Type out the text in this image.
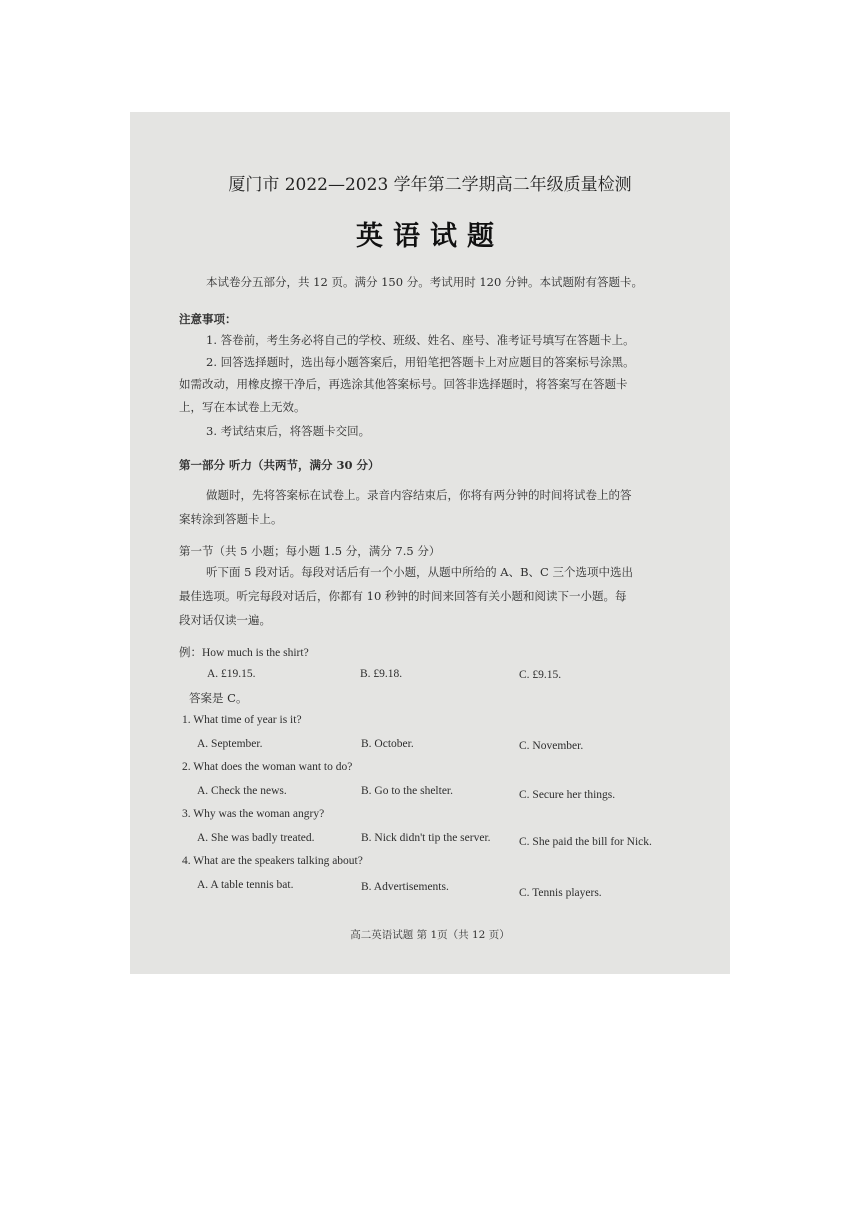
厦门市 2022—2023 学年第二学期高二年级质量检测
英语试题
本试卷分五部分，共 12 页。满分 150 分。考试用时 120 分钟。本试题附有答题卡。
注意事项：
1. 答卷前，考生务必将自己的学校、班级、姓名、座号、准考证号填写在答题卡上。
2. 回答选择题时，选出每小题答案后，用铅笔把答题卡上对应题目的答案标号涂黑。
如需改动，用橡皮擦干净后，再选涂其他答案标号。回答非选择题时，将答案写在答题卡
上，写在本试卷上无效。
3. 考试结束后，将答题卡交回。
第一部分 听力（共两节，满分 30 分）
做题时，先将答案标在试卷上。录音内容结束后，你将有两分钟的时间将试卷上的答
案转涂到答题卡上。
第一节（共 5 小题；每小题 1.5 分，满分 7.5 分）
听下面 5 段对话。每段对话后有一个小题，从题中所给的 A、B、C 三个选项中选出
最佳选项。听完每段对话后，你都有 10 秒钟的时间来回答有关小题和阅读下一小题。每
段对话仅读一遍。
例：How much is the shirt?
A. £19.15.	B. £9.18.	C. £9.15.
答案是 C。
1. What time of year is it?
A. September.	B. October.	C. November.
2. What does the woman want to do?
A. Check the news.	B. Go to the shelter.	C. Secure her things.
3. Why was the woman angry?
A. She was badly treated.	B. Nick didn't tip the server. C. She paid the bill for Nick.
4. What are the speakers talking about?
A. A table tennis bat.	B. Advertisements.	C. Tennis players.
高二英语试题 第 1页（共 12 页）
